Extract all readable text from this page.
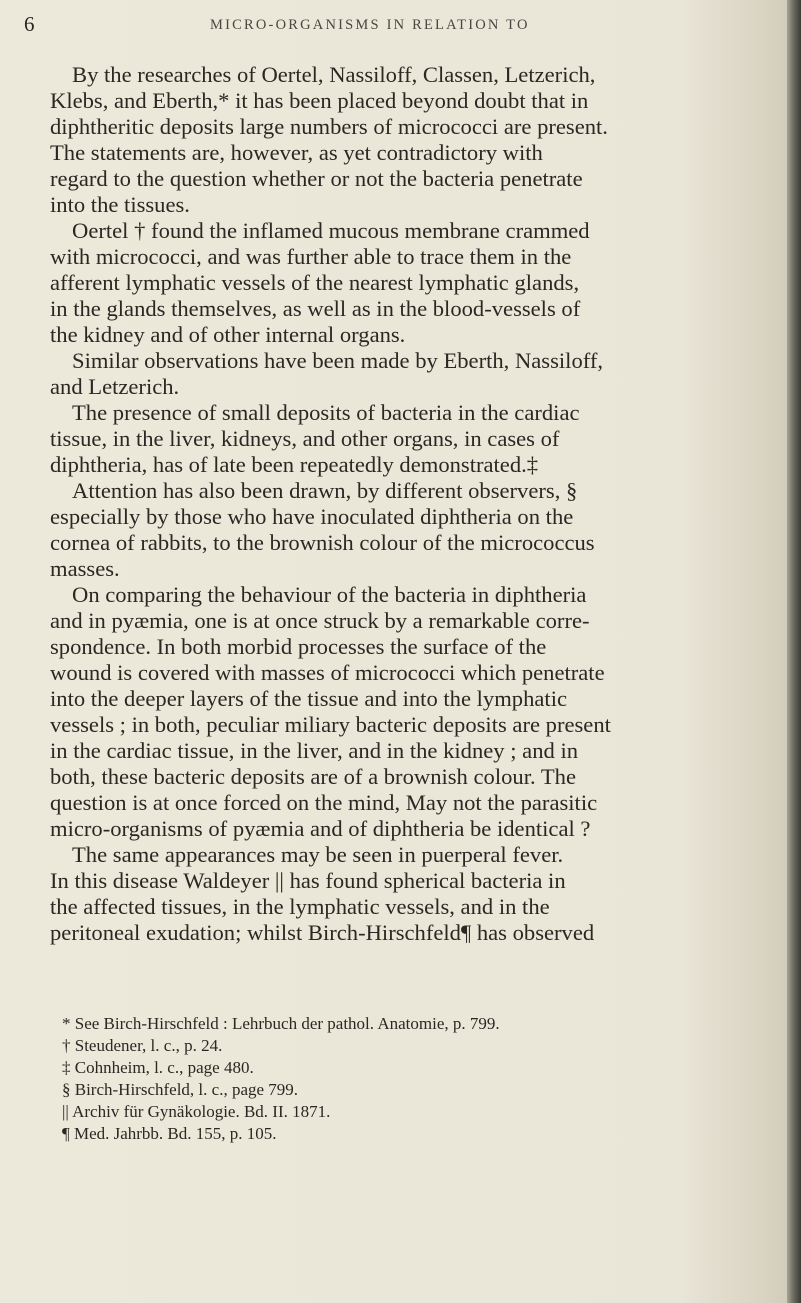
6	MICRO-ORGANISMS IN RELATION TO
By the researches of Oertel, Nassiloff, Classen, Letzerich,
Klebs, and Eberth,* it has been placed beyond doubt that in
diphtheritic deposits large numbers of micrococci are present.
The statements are, however, as yet contradictory with
regard to the question whether or not the bacteria penetrate
into the tissues.
Oertel † found the inflamed mucous membrane crammed
with micrococci, and was further able to trace them in the
afferent lymphatic vessels of the nearest lymphatic glands,
in the glands themselves, as well as in the blood-vessels of
the kidney and of other internal organs.
Similar observations have been made by Eberth, Nassiloff,
and Letzerich.
The presence of small deposits of bacteria in the cardiac
tissue, in the liver, kidneys, and other organs, in cases of
diphtheria, has of late been repeatedly demonstrated.‡
Attention has also been drawn, by different observers, §
especially by those who have inoculated diphtheria on the
cornea of rabbits, to the brownish colour of the micrococcus
masses.
On comparing the behaviour of the bacteria in diphtheria
and in pyæmia, one is at once struck by a remarkable corre-
spondence. In both morbid processes the surface of the
wound is covered with masses of micrococci which penetrate
into the deeper layers of the tissue and into the lymphatic
vessels ; in both, peculiar miliary bacteric deposits are present
in the cardiac tissue, in the liver, and in the kidney ; and in
both, these bacteric deposits are of a brownish colour. The
question is at once forced on the mind, May not the parasitic
micro-organisms of pyæmia and of diphtheria be identical ?
The same appearances may be seen in puerperal fever.
In this disease Waldeyer || has found spherical bacteria in
the affected tissues, in the lymphatic vessels, and in the
peritoneal exudation; whilst Birch-Hirschfeld¶ has observed
* See Birch-Hirschfeld : Lehrbuch der pathol. Anatomie, p. 799.
† Steudener, l. c., p. 24.
‡ Cohnheim, l. c., page 480.
§ Birch-Hirschfeld, l. c., page 799.
|| Archiv für Gynäkologie. Bd. II. 1871.
¶ Med. Jahrbb. Bd. 155, p. 105.
